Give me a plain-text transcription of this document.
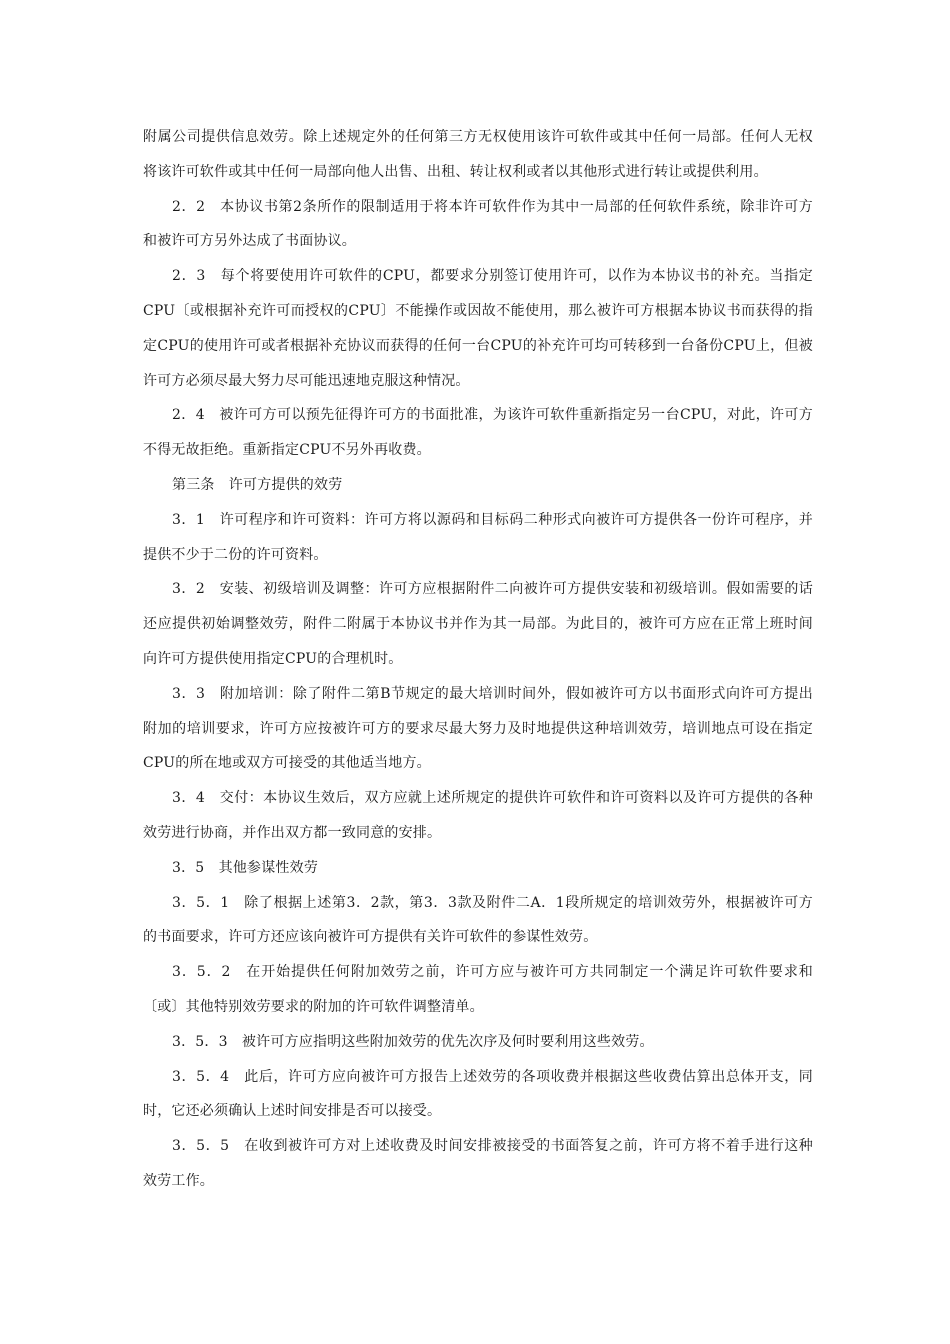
附属公司提供信息效劳。除上述规定外的任何第三方无权使用该许可软件或其中任何一局部。任何人无权
将该许可软件或其中任何一局部向他人出售、出租、转让权利或者以其他形式进行转让或提供利用。
2．2　本协议书第2条所作的限制适用于将本许可软件作为其中一局部的任何软件系统，除非许可方
和被许可方另外达成了书面协议。
2．3　每个将要使用许可软件的CPU，都要求分别签订使用许可，以作为本协议书的补充。当指定
CPU〔或根据补充许可而授权的CPU〕不能操作或因故不能使用，那么被许可方根据本协议书而获得的指
定CPU的使用许可或者根据补充协议而获得的任何一台CPU的补充许可均可转移到一台备份CPU上，但被
许可方必须尽最大努力尽可能迅速地克服这种情况。
2．4　被许可方可以预先征得许可方的书面批准，为该许可软件重新指定另一台CPU，对此，许可方
不得无故拒绝。重新指定CPU不另外再收费。
第三条　许可方提供的效劳
3．1　许可程序和许可资料：许可方将以源码和目标码二种形式向被许可方提供各一份许可程序，并
提供不少于二份的许可资料。
3．2　安装、初级培训及调整：许可方应根据附件二向被许可方提供安装和初级培训。假如需要的话
还应提供初始调整效劳，附件二附属于本协议书并作为其一局部。为此目的，被许可方应在正常上班时间
向许可方提供使用指定CPU的合理机时。
3．3　附加培训：除了附件二第B节规定的最大培训时间外，假如被许可方以书面形式向许可方提出
附加的培训要求，许可方应按被许可方的要求尽最大努力及时地提供这种培训效劳，培训地点可设在指定
CPU的所在地或双方可接受的其他适当地方。
3．4　交付：本协议生效后，双方应就上述所规定的提供许可软件和许可资料以及许可方提供的各种
效劳进行协商，并作出双方都一致同意的安排。
3．5　其他参谋性效劳
3．5．1　除了根据上述第3．2款，第3．3款及附件二A．1段所规定的培训效劳外，根据被许可方
的书面要求，许可方还应该向被许可方提供有关许可软件的参谋性效劳。
3．5．2　在开始提供任何附加效劳之前，许可方应与被许可方共同制定一个满足许可软件要求和
〔或〕其他特别效劳要求的附加的许可软件调整清单。
3．5．3　被许可方应指明这些附加效劳的优先次序及何时要利用这些效劳。
3．5．4　此后，许可方应向被许可方报告上述效劳的各项收费并根据这些收费估算出总体开支，同
时，它还必须确认上述时间安排是否可以接受。
3．5．5　在收到被许可方对上述收费及时间安排被接受的书面答复之前，许可方将不着手进行这种
效劳工作。
